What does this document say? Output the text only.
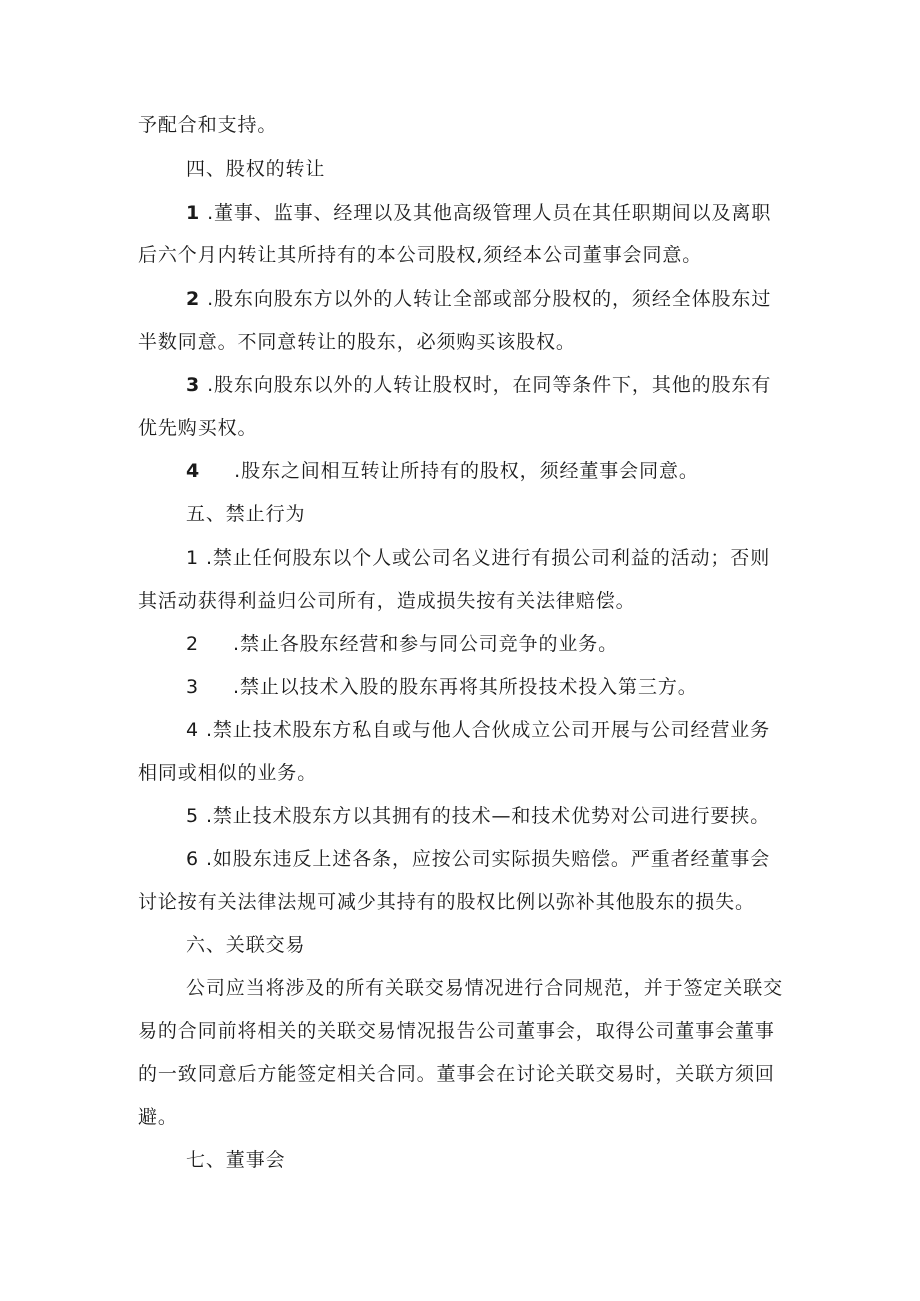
予配合和支持。
四、股权的转让
1 .董事、监事、经理以及其他高级管理人员在其任职期间以及离职
后六个月内转让其所持有的本公司股权,须经本公司董事会同意。
2 .股东向股东方以外的人转让全部或部分股权的，须经全体股东过
半数同意。不同意转让的股东，必须购买该股权。
3 .股东向股东以外的人转让股权时，在同等条件下，其他的股东有
优先购买权。
4 .股东之间相互转让所持有的股权，须经董事会同意。
五、禁止行为
1 .禁止任何股东以个人或公司名义进行有损公司利益的活动；否则
其活动获得利益归公司所有，造成损失按有关法律赔偿。
2 .禁止各股东经营和参与同公司竞争的业务。
3 .禁止以技术入股的股东再将其所投技术投入第三方。
4 .禁止技术股东方私自或与他人合伙成立公司开展与公司经营业务
相同或相似的业务。
5 .禁止技术股东方以其拥有的技术—和技术优势对公司进行要挟。
6 .如股东违反上述各条，应按公司实际损失赔偿。严重者经董事会
讨论按有关法律法规可减少其持有的股权比例以弥补其他股东的损失。
六、关联交易
公司应当将涉及的所有关联交易情况进行合同规范，并于签定关联交
易的合同前将相关的关联交易情况报告公司董事会，取得公司董事会董事
的一致同意后方能签定相关合同。董事会在讨论关联交易时，关联方须回
避。
七、董事会
